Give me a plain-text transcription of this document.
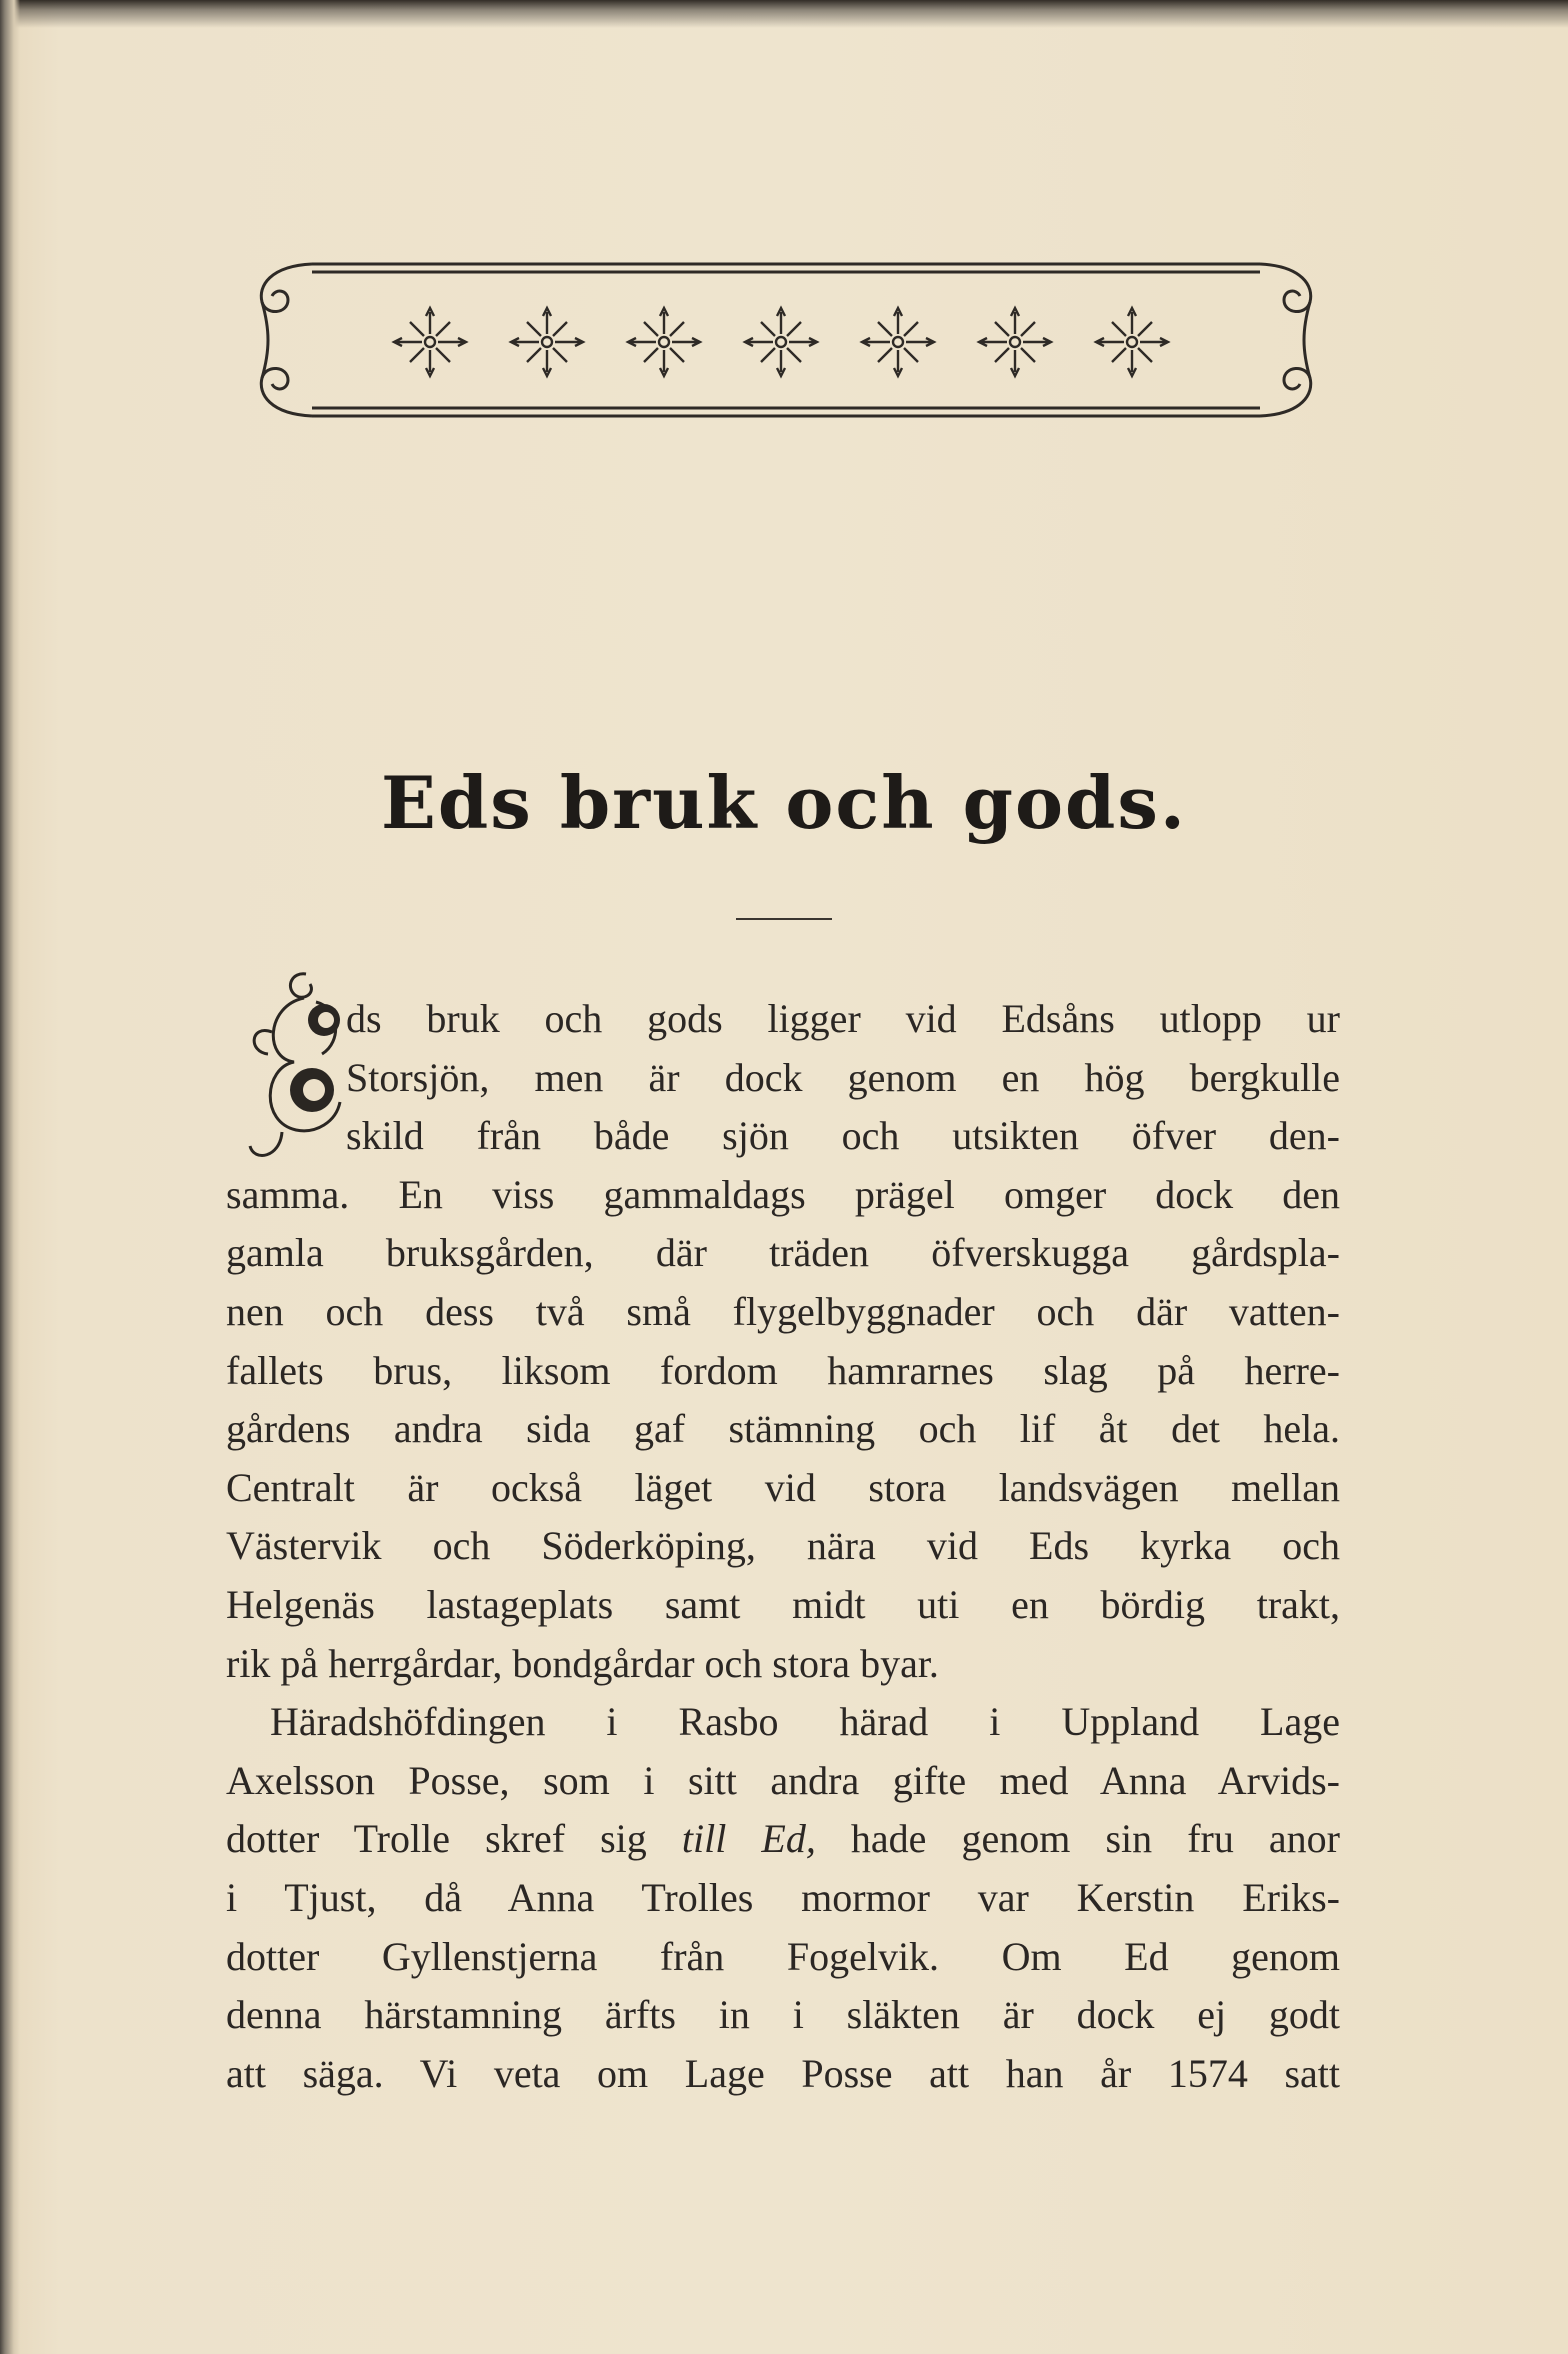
Eds bruk och gods.

ds bruk och gods ligger vid Edsåns utlopp ur
Storsjön, men är dock genom en hög bergkulle
skild från både sjön och utsikten öfver den-
samma. En viss gammaldags prägel omger dock den
gamla bruksgården, där träden öfverskugga gårdspla-
nen och dess två små flygelbyggnader och där vatten-
fallets brus, liksom fordom hamrarnes slag på herre-
gårdens andra sida gaf stämning och lif åt det hela.
Centralt är också läget vid stora landsvägen mellan
Västervik och Söderköping, nära vid Eds kyrka och
Helgenäs lastageplats samt midt uti en bördig trakt,
rik på herrgårdar, bondgårdar och stora byar.

Häradshöfdingen i Rasbo härad i Uppland Lage
Axelsson Posse, som i sitt andra gifte med Anna Arvids-
dotter Trolle skref sig till Ed, hade genom sin fru anor
i Tjust, då Anna Trolles mormor var Kerstin Eriks-
dotter Gyllenstjerna från Fogelvik. Om Ed genom
denna härstamning ärfts in i släkten är dock ej godt
att säga. Vi veta om Lage Posse att han år 1574 satt
